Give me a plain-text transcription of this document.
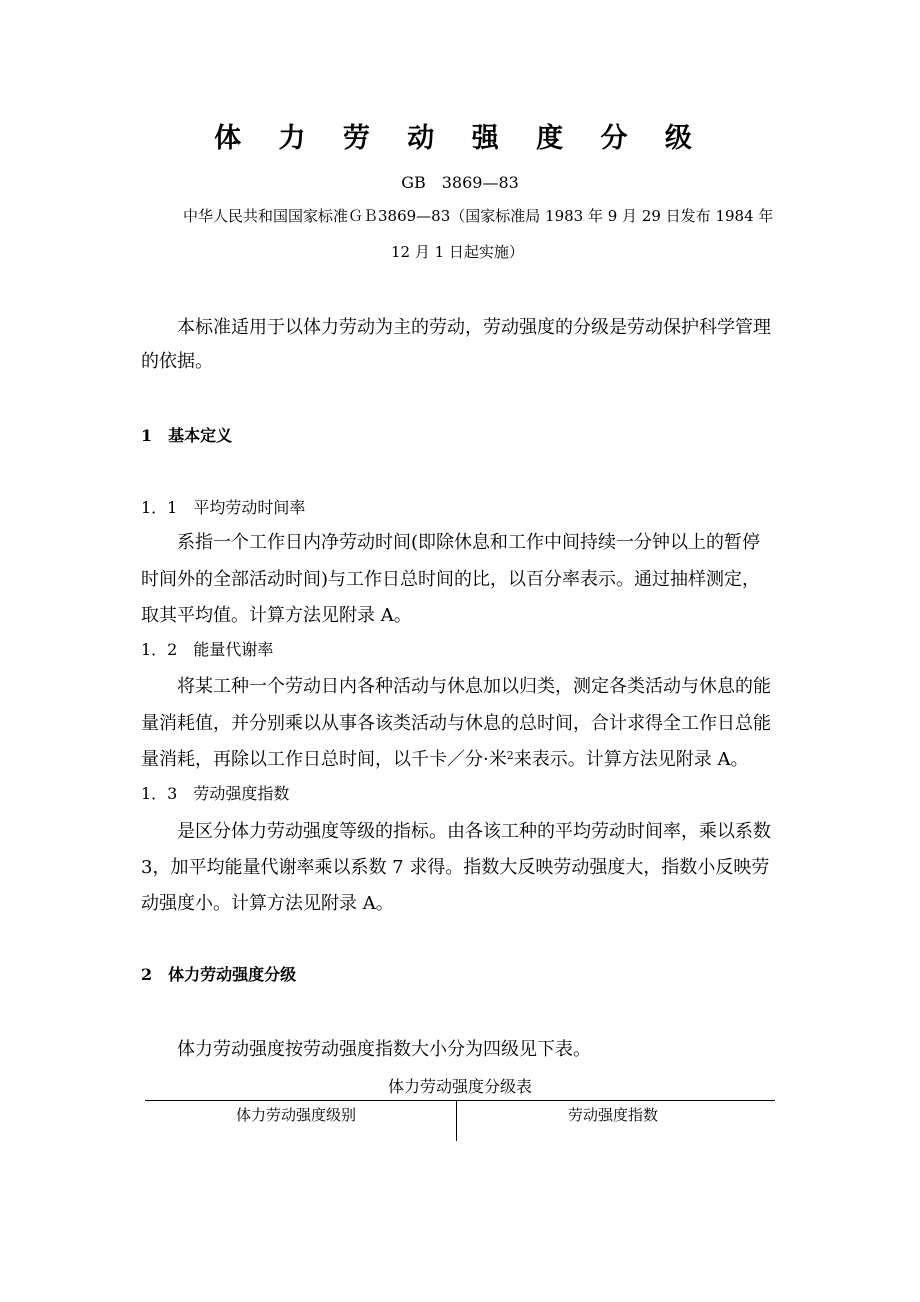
体 力 劳 动 强 度 分 级
GB　3869—83
中华人民共和国国家标准ＧＢ3869—83（国家标准局 1983 年 9 月 29 日发布 1984 年
12 月 1 日起实施）
本标准适用于以体力劳动为主的劳动，劳动强度的分级是劳动保护科学管理
的依据。
1　基本定义
1．1　平均劳动时间率
系指一个工作日内净劳动时间(即除休息和工作中间持续一分钟以上的暂停
时间外的全部活动时间)与工作日总时间的比，以百分率表示。通过抽样测定，
取其平均值。计算方法见附录 A。
1．2　能量代谢率
将某工种一个劳动日内各种活动与休息加以归类，测定各类活动与休息的能
量消耗值，并分别乘以从事各该类活动与休息的总时间，合计求得全工作日总能
量消耗，再除以工作日总时间，以千卡／分·米$^2$来表示。计算方法见附录 A。
1．3　劳动强度指数
是区分体力劳动强度等级的指标。由各该工种的平均劳动时间率，乘以系数
3，加平均能量代谢率乘以系数 7 求得。指数大反映劳动强度大，指数小反映劳
动强度小。计算方法见附录 A。
2　体力劳动强度分级
体力劳动强度按劳动强度指数大小分为四级见下表。
体力劳动强度分级表
体力劳动强度级别	劳动强度指数
